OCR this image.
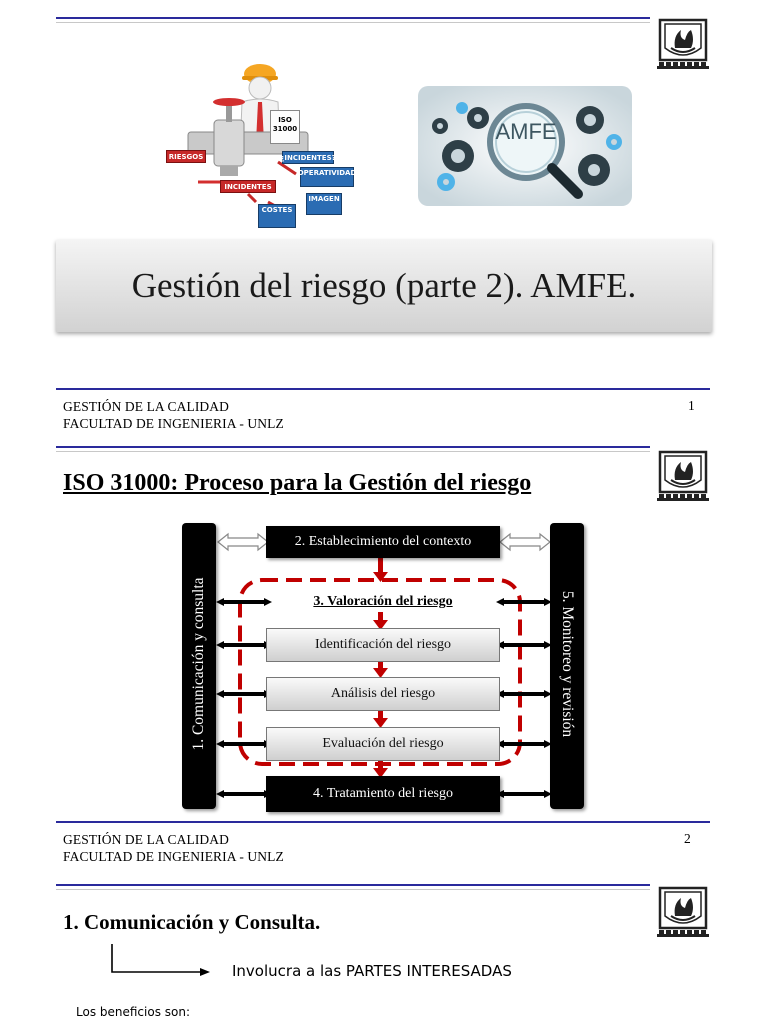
ISO
31000
RIESGOS	¿INCIDENTES?
OPERATIVIDAD
INCIDENTES
IMAGEN
COSTES
AMFE
Gestión del riesgo (parte 2). AMFE.
GESTIÓN DE LA CALIDAD
FACULTAD DE INGENIERIA - UNLZ
1
ISO 31000: Proceso para la Gestión del riesgo
1. Comunicación y consulta	5. Monitoreo y revisión
2. Establecimiento del contexto
3. Valoración del riesgo
Identificación del riesgo
Análisis del riesgo
Evaluación del riesgo
4. Tratamiento del riesgo
GESTIÓN DE LA CALIDAD
FACULTAD DE INGENIERIA - UNLZ
2
1. Comunicación y Consulta.
Involucra a las PARTES INTERESADAS
Los beneficios son:
